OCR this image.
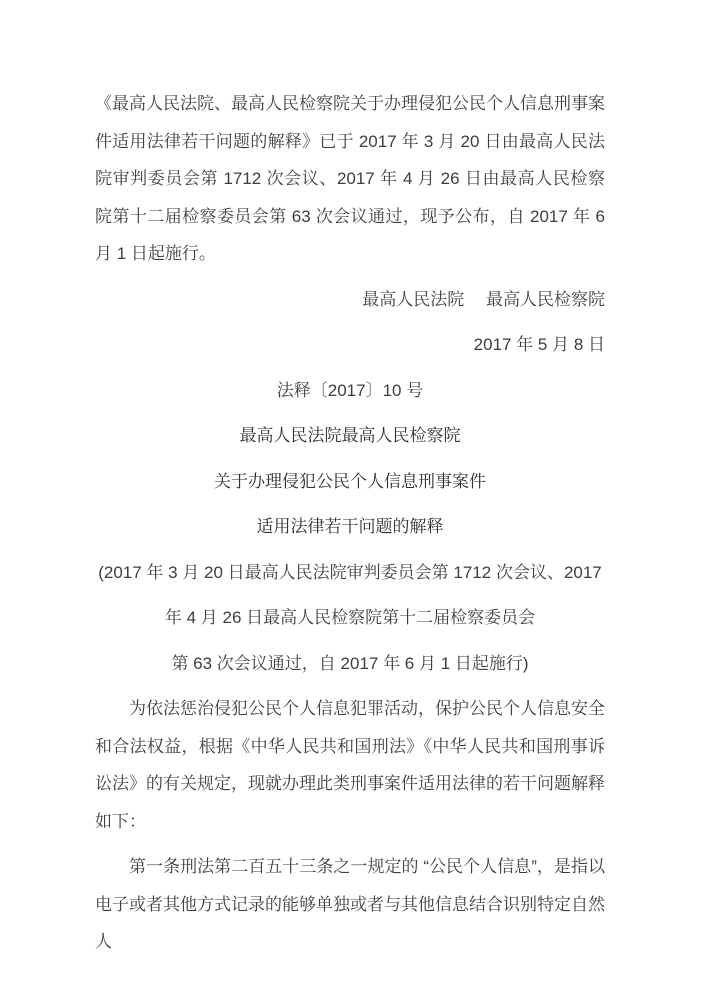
《最高人民法院、最高人民检察院关于办理侵犯公民个人信息刑事案件适用法律若干问题的解释》已于 2017 年 3 月 20 日由最高人民法院审判委员会第 1712 次会议、2017 年 4 月 26 日由最高人民检察院第十二届检察委员会第 63 次会议通过，现予公布，自 2017 年 6 月 1 日起施行。

最高人民法院　 最高人民检察院

2017 年 5 月 8 日

法释〔2017〕10 号

最高人民法院最高人民检察院
关于办理侵犯公民个人信息刑事案件
适用法律若干问题的解释

(2017 年 3 月 20 日最高人民法院审判委员会第 1712 次会议、2017

年 4 月 26 日最高人民检察院第十二届检察委员会

第 63 次会议通过，自 2017 年 6 月 1 日起施行)

为依法惩治侵犯公民个人信息犯罪活动，保护公民个人信息安全和合法权益，根据《中华人民共和国刑法》《中华人民共和国刑事诉讼法》的有关规定，现就办理此类刑事案件适用法律的若干问题解释如下：

第一条刑法第二百五十三条之一规定的 “公民个人信息”，是指以电子或者其他方式记录的能够单独或者与其他信息结合识别特定自然人
